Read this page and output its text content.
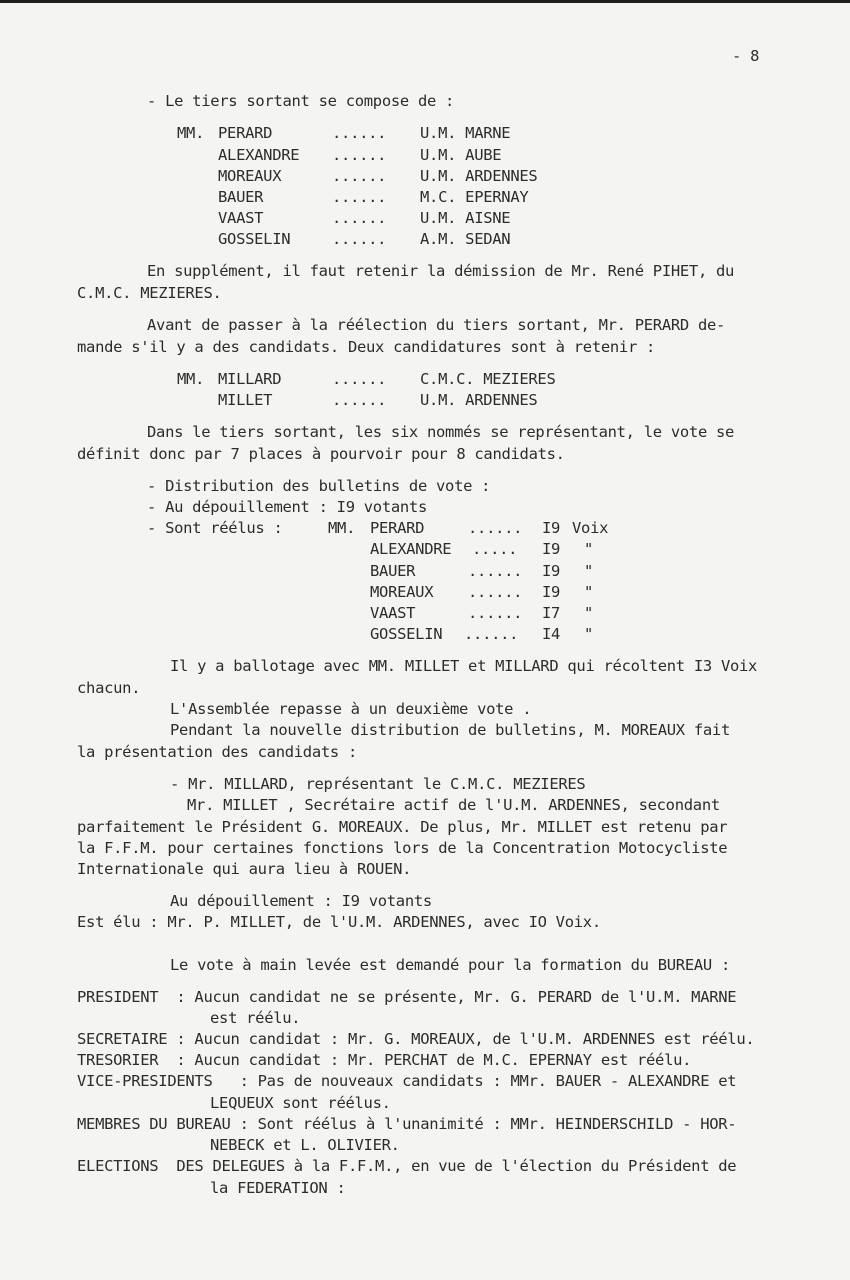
- 8
- Le tiers sortant se compose de :
MM. PERARD	...... U.M. MARNE
ALEXANDRE ...... U.M. AUBE
MOREAUX	...... U.M. ARDENNES
BAUER	...... M.C. EPERNAY
VAAST	...... U.M. AISNE
GOSSELIN	...... A.M. SEDAN
En supplément, il faut retenir la démission de Mr. René PIHET, du
C.M.C. MEZIERES.
Avant de passer à la réélection du tiers sortant, Mr. PERARD de-
mande s'il y a des candidats. Deux candidatures sont à retenir :
MM. MILLARD	...... C.M.C. MEZIERES
MILLET	...... U.M. ARDENNES
Dans le tiers sortant, les six nommés se représentant, le vote se
définit donc par 7 places à pourvoir pour 8 candidats.
- Distribution des bulletins de vote :
- Au dépouillement : I9 votants
- Sont réélus :	MM. PERARD	...... I9 Voix
ALEXANDRE ..... I9 "
BAUER	...... I9 "
MOREAUX ...... I9 "
VAAST	...... I7 "
GOSSELIN ...... I4 "
Il y a ballotage avec MM. MILLET et MILLARD qui récoltent I3 Voix
chacun.
L'Assemblée repasse à un deuxième vote .
Pendant la nouvelle distribution de bulletins, M. MOREAUX fait
la présentation des candidats :
- Mr. MILLARD, représentant le C.M.C. MEZIERES
Mr. MILLET , Secrétaire actif de l'U.M. ARDENNES, secondant
parfaitement le Président G. MOREAUX. De plus, Mr. MILLET est retenu par
la F.F.M. pour certaines fonctions lors de la Concentration Motocycliste
Internationale qui aura lieu à ROUEN.
Au dépouillement : I9 votants
Est élu : Mr. P. MILLET, de l'U.M. ARDENNES, avec IO Voix.
Le vote à main levée est demandé pour la formation du BUREAU :
PRESIDENT  : Aucun candidat ne se présente, Mr. G. PERARD de l'U.M. MARNE
est réélu.
SECRETAIRE : Aucun candidat : Mr. G. MOREAUX, de l'U.M. ARDENNES est réélu.
TRESORIER  : Aucun candidat : Mr. PERCHAT de M.C. EPERNAY est réélu.
VICE-PRESIDENTS   : Pas de nouveaux candidats : MMr. BAUER - ALEXANDRE et
LEQUEUX sont réélus.
MEMBRES DU BUREAU : Sont réélus à l'unanimité : MMr. HEINDERSCHILD - HOR-
NEBECK et L. OLIVIER.
ELECTIONS  DES DELEGUES à la F.F.M., en vue de l'élection du Président de
la FEDERATION :
